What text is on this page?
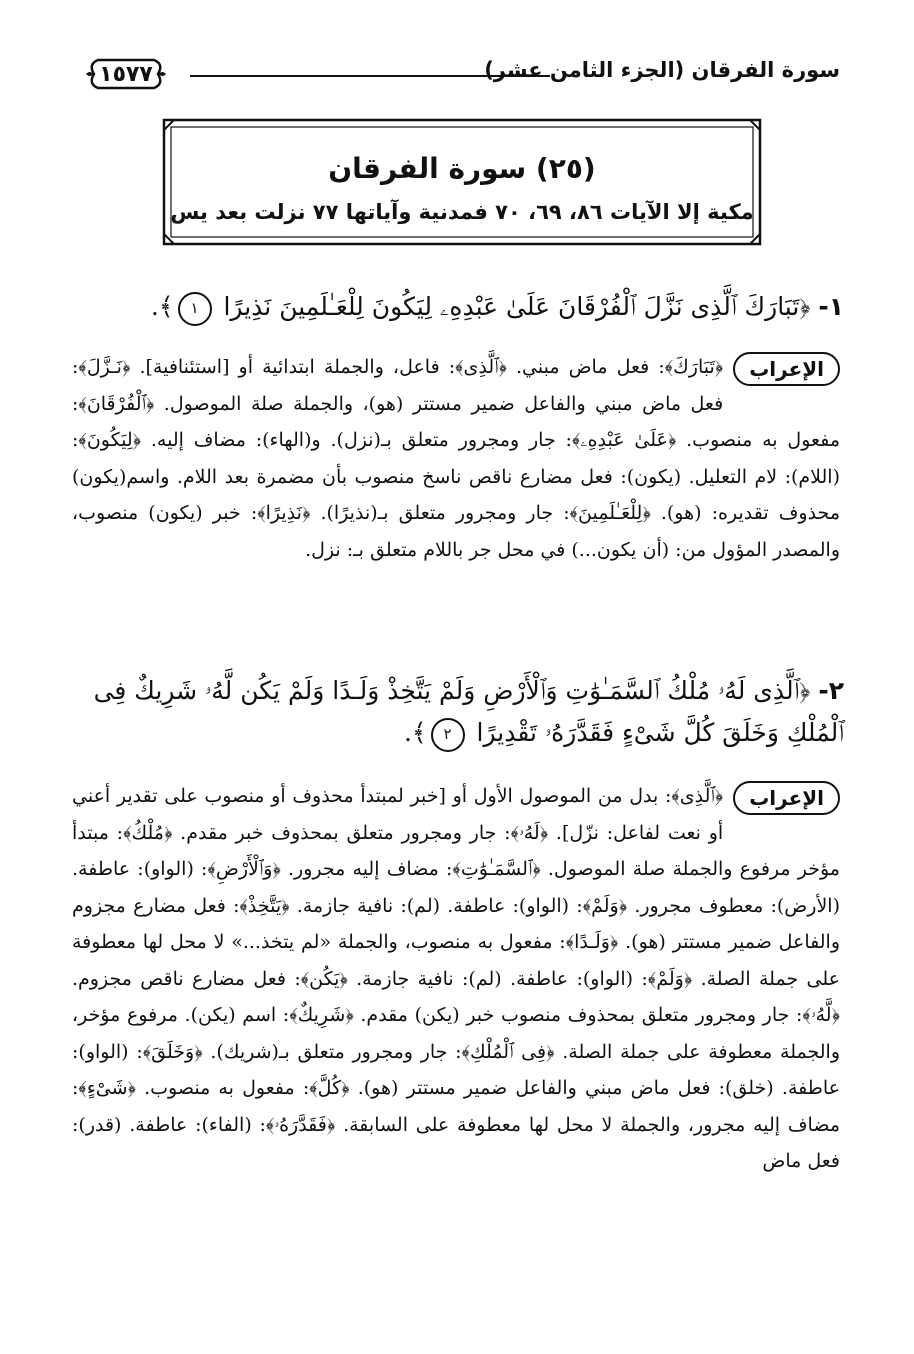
١٥٧٧	سورة الفرقان (الجزء الثامن عشر)
(٢٥) سورة الفرقان
مكية إلا الآيات ٨٦، ٦٩، ٧٠ فمدنية وآياتها ٧٧ نزلت بعد يس
١- ﴿تَبَارَكَ ٱلَّذِى نَزَّلَ ٱلْفُرْقَانَ عَلَىٰ عَبْدِهِۦ لِيَكُونَ لِلْعَـٰلَمِينَ نَذِيرًا ١﴾.
الإعراب
﴿تَبَارَكَ﴾: فعل ماض مبني. ﴿ٱلَّذِى﴾: فاعل، والجملة ابتدائية أو [استئنافية]. ﴿نَـزَّلَ﴾: فعل ماض مبني والفاعل ضمير مستتر (هو)، والجملة صلة الموصول. ﴿ٱلْفُرْقَانَ﴾: مفعول به منصوب. ﴿عَلَىٰ عَبْدِهِۦ﴾: جار ومجرور متعلق بـ(نزل). و(الهاء): مضاف إليه. ﴿لِيَكُونَ﴾: (اللام): لام التعليل. (يكون): فعل مضارع ناقص ناسخ منصوب بأن مضمرة بعد اللام. واسم(يكون) محذوف تقديره: (هو). ﴿لِلْعَـٰلَمِينَ﴾: جار ومجرور متعلق بـ(نذيرًا). ﴿نَذِيرًا﴾: خبر (يكون) منصوب، والمصدر المؤول من: (أن يكون...) في محل جر باللام متعلق بـ: نزل.
٢- ﴿ٱلَّذِى لَهُۥ مُلْكُ ٱلسَّمَـٰوَٰتِ وَٱلْأَرْضِ وَلَمْ يَتَّخِذْ وَلَـدًا وَلَمْ يَكُن لَّهُۥ شَرِيكٌ فِى ٱلْمُلْكِ وَخَلَقَ كُلَّ شَىْءٍ فَقَدَّرَهُۥ تَقْدِيرًا ٢﴾.
الإعراب
﴿ٱلَّذِى﴾: بدل من الموصول الأول أو [خبر لمبتدأ محذوف أو منصوب على تقدير أعني أو نعت لفاعل: نزّل]. ﴿لَهُۥ﴾: جار ومجرور متعلق بمحذوف خبر مقدم. ﴿مُلْكُ﴾: مبتدأ مؤخر مرفوع والجملة صلة الموصول. ﴿ٱلسَّمَـٰوَٰتِ﴾: مضاف إليه مجرور. ﴿وَٱلْأَرْضِ﴾: (الواو): عاطفة. (الأرض): معطوف مجرور. ﴿وَلَمْ﴾: (الواو): عاطفة. (لم): نافية جازمة. ﴿يَتَّخِذْ﴾: فعل مضارع مجزوم والفاعل ضمير مستتر (هو). ﴿وَلَـدًا﴾: مفعول به منصوب، والجملة «لم يتخذ...» لا محل لها معطوفة على جملة الصلة. ﴿وَلَمْ﴾: (الواو): عاطفة. (لم): نافية جازمة. ﴿يَكُن﴾: فعل مضارع ناقص مجزوم. ﴿لَّهُۥ﴾: جار ومجرور متعلق بمحذوف منصوب خبر (يكن) مقدم. ﴿شَرِيكٌ﴾: اسم (يكن). مرفوع مؤخر، والجملة معطوفة على جملة الصلة. ﴿فِى ٱلْمُلْكِ﴾: جار ومجرور متعلق بـ(شريك). ﴿وَخَلَقَ﴾: (الواو): عاطفة. (خلق): فعل ماض مبني والفاعل ضمير مستتر (هو). ﴿كُلَّ﴾: مفعول به منصوب. ﴿شَىْءٍ﴾: مضاف إليه مجرور، والجملة لا محل لها معطوفة على السابقة. ﴿فَقَدَّرَهُۥ﴾: (الفاء): عاطفة. (قدر): فعل ماض
